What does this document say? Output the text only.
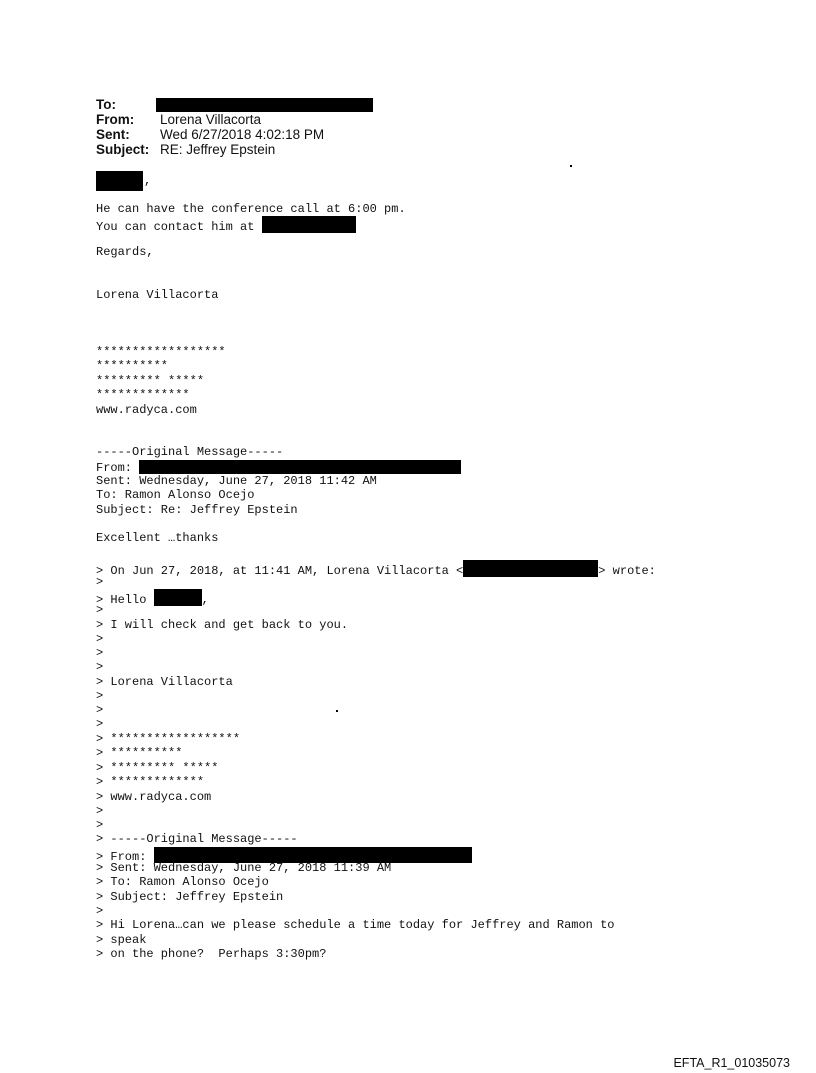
To:
From: Lorena Villacorta
Sent: Wed 6/27/2018 4:02:18 PM
Subject: RE: Jeffrey Epstein
,
He can have the conference call at 6:00 pm.
You can contact him at
Regards,
Lorena Villacorta
******************
**********
********* *****
*************
www.radyca.com
-----Original Message-----
From:
Sent: Wednesday, June 27, 2018 11:42 AM
To: Ramon Alonso Ocejo
Subject: Re: Jeffrey Epstein
Excellent …thanks
> On Jun 27, 2018, at 11:41 AM, Lorena Villacorta <	> wrote:
>
> Hello	,
>
> I will check and get back to you.
>
>
>
> Lorena Villacorta
>
>
>
> ******************
> **********
> ********* *****
> *************
> www.radyca.com
>
>
> -----Original Message-----
> From:
> Sent: Wednesday, June 27, 2018 11:39 AM
> To: Ramon Alonso Ocejo
> Subject: Jeffrey Epstein
>
> Hi Lorena…can we please schedule a time today for Jeffrey and Ramon to
> speak
> on the phone?  Perhaps 3:30pm?
EFTA_R1_01035073
